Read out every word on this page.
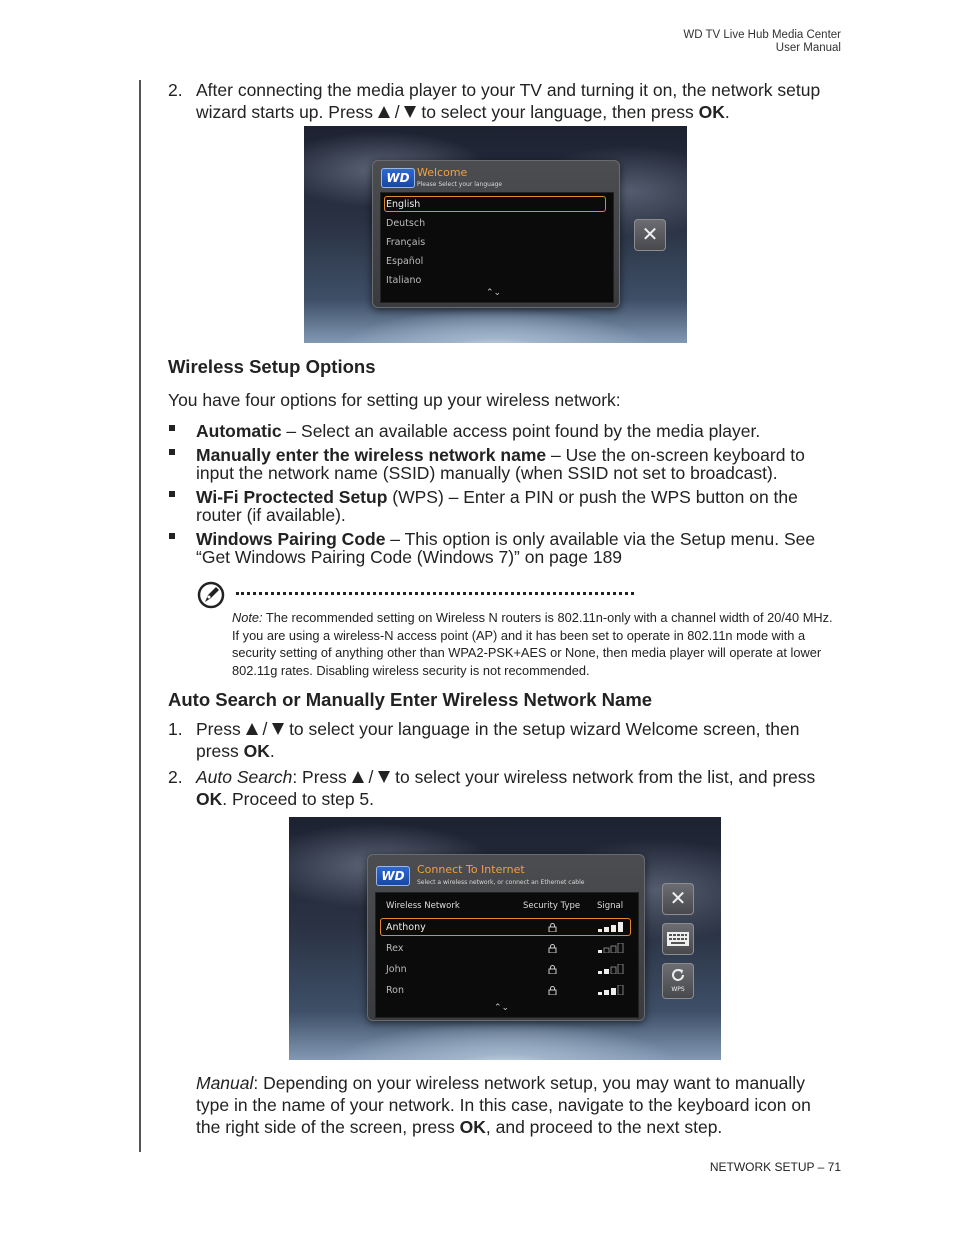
WD TV Live Hub Media Center
User Manual
2. After connecting the media player to your TV and turning it on, the network setup
wizard starts up. Press  /  to select your language, then press OK.
WD Welcome
Please Select your language
English
Deutsch
Français
Español
Italiano
⌃⌄
✕
Wireless Setup Options
You have four options for setting up your wireless network:
Automatic – Select an available access point found by the media player.
Manually enter the wireless network name – Use the on-screen keyboard to
input the network name (SSID) manually (when SSID not set to broadcast).
Wi-Fi Proctected Setup (WPS) – Enter a PIN or push the WPS button on the
router (if available).
Windows Pairing Code – This option is only available via the Setup menu. See
“Get Windows Pairing Code (Windows 7)” on page 189
Note: The recommended setting on Wireless N routers is 802.11n-only with a channel width of 20/40 MHz. If you are using a wireless-N access point (AP) and it has been set to operate in 802.11n mode with a security setting of anything other than WPA2-PSK+AES or None, then media player will operate at lower 802.11g rates. Disabling wireless security is not recommended.
Auto Search or Manually Enter Wireless Network Name
1. Press  /  to select your language in the setup wizard Welcome screen, then
press OK.
2. Auto Search: Press  /  to select your wireless network from the list, and press
OK. Proceed to step 5.
WD	Connect To Internet
Select a wireless network, or connect an Ethernet cable
Wireless Network	Security Type Signal
Anthony
Rex
John
Ron
⌃⌄
✕
WPS
Manual: Depending on your wireless network setup, you may want to manually
type in the name of your network. In this case, navigate to the keyboard icon on
the right side of the screen, press OK, and proceed to the next step.
NETWORK SETUP – 71
